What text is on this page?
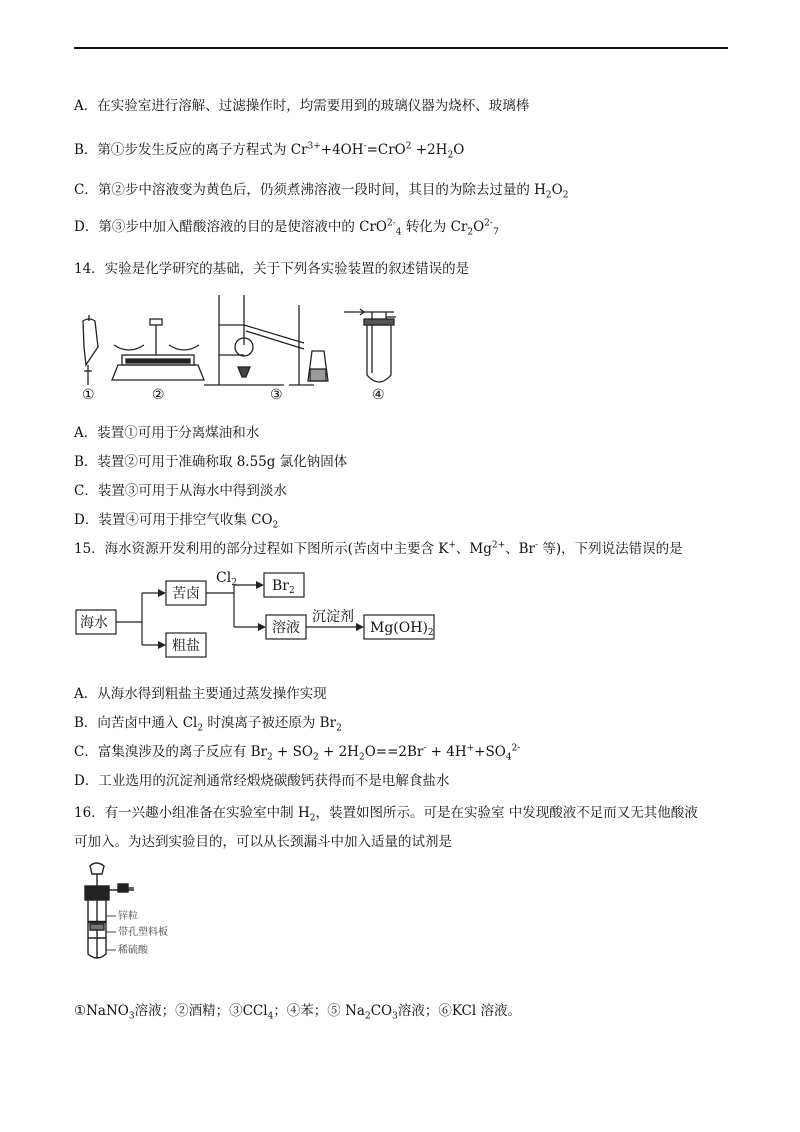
A．在实验室进行溶解、过滤操作时，均需要用到的玻璃仪器为烧杯、玻璃棒
B．第①步发生反应的离子方程式为 $Cr^{3+}+4OH^-=CrO^2 +2H_2O$
C．第②步中溶液变为黄色后，仍须煮沸溶液一段时间，其目的为除去过量的 $H_2O_2$
D．第③步中加入醋酸溶液的目的是使溶液中的 CrO$^{2-}_4$ 转化为 $Cr_2O^{2-}_7$
14．实验是化学研究的基础，关于下列各实验装置的叙述错误的是
①	②	③	④
A．装置①可用于分离煤油和水
B．装置②可用于准确称取 8.55g 氯化钠固体
C．装置③可用于从海水中得到淡水
D．装置④可用于排空气收集 $CO_2$
15．海水资源开发利用的部分过程如下图所示(苦卤中主要含 K+、$Mg^{2+}$、Br- 等)，下列说法错误的是
海水
苦卤
粗盐
$Cl_2$	$Br_2$
溶液
沉淀剂
$Mg(OH)_2$
A．从海水得到粗盐主要通过蒸发操作实现
B．向苦卤中通入 $Cl_2$ 时溴离子被还原为 $Br_2$
C．富集溴涉及的离子反应有 $Br_2 + SO_2 + 2H_2O==2Br^- + 4H^++SO_4^{2-}$
D．工业选用的沉淀剂通常经煅烧碳酸钙获得而不是电解食盐水
16．有一兴趣小组准备在实验室中制 $H_2$，装置如图所示。可是在实验室 中发现酸液不足而又无其他酸液
可加入。为达到实验目的，可以从长颈漏斗中加入适量的试剂是
锌粒
带孔塑料板
稀硫酸
①NaNO$_3$溶液；②酒精；③CCl$_4$；④苯；⑤ $Na_2CO_3$溶液；⑥KCl 溶液。
